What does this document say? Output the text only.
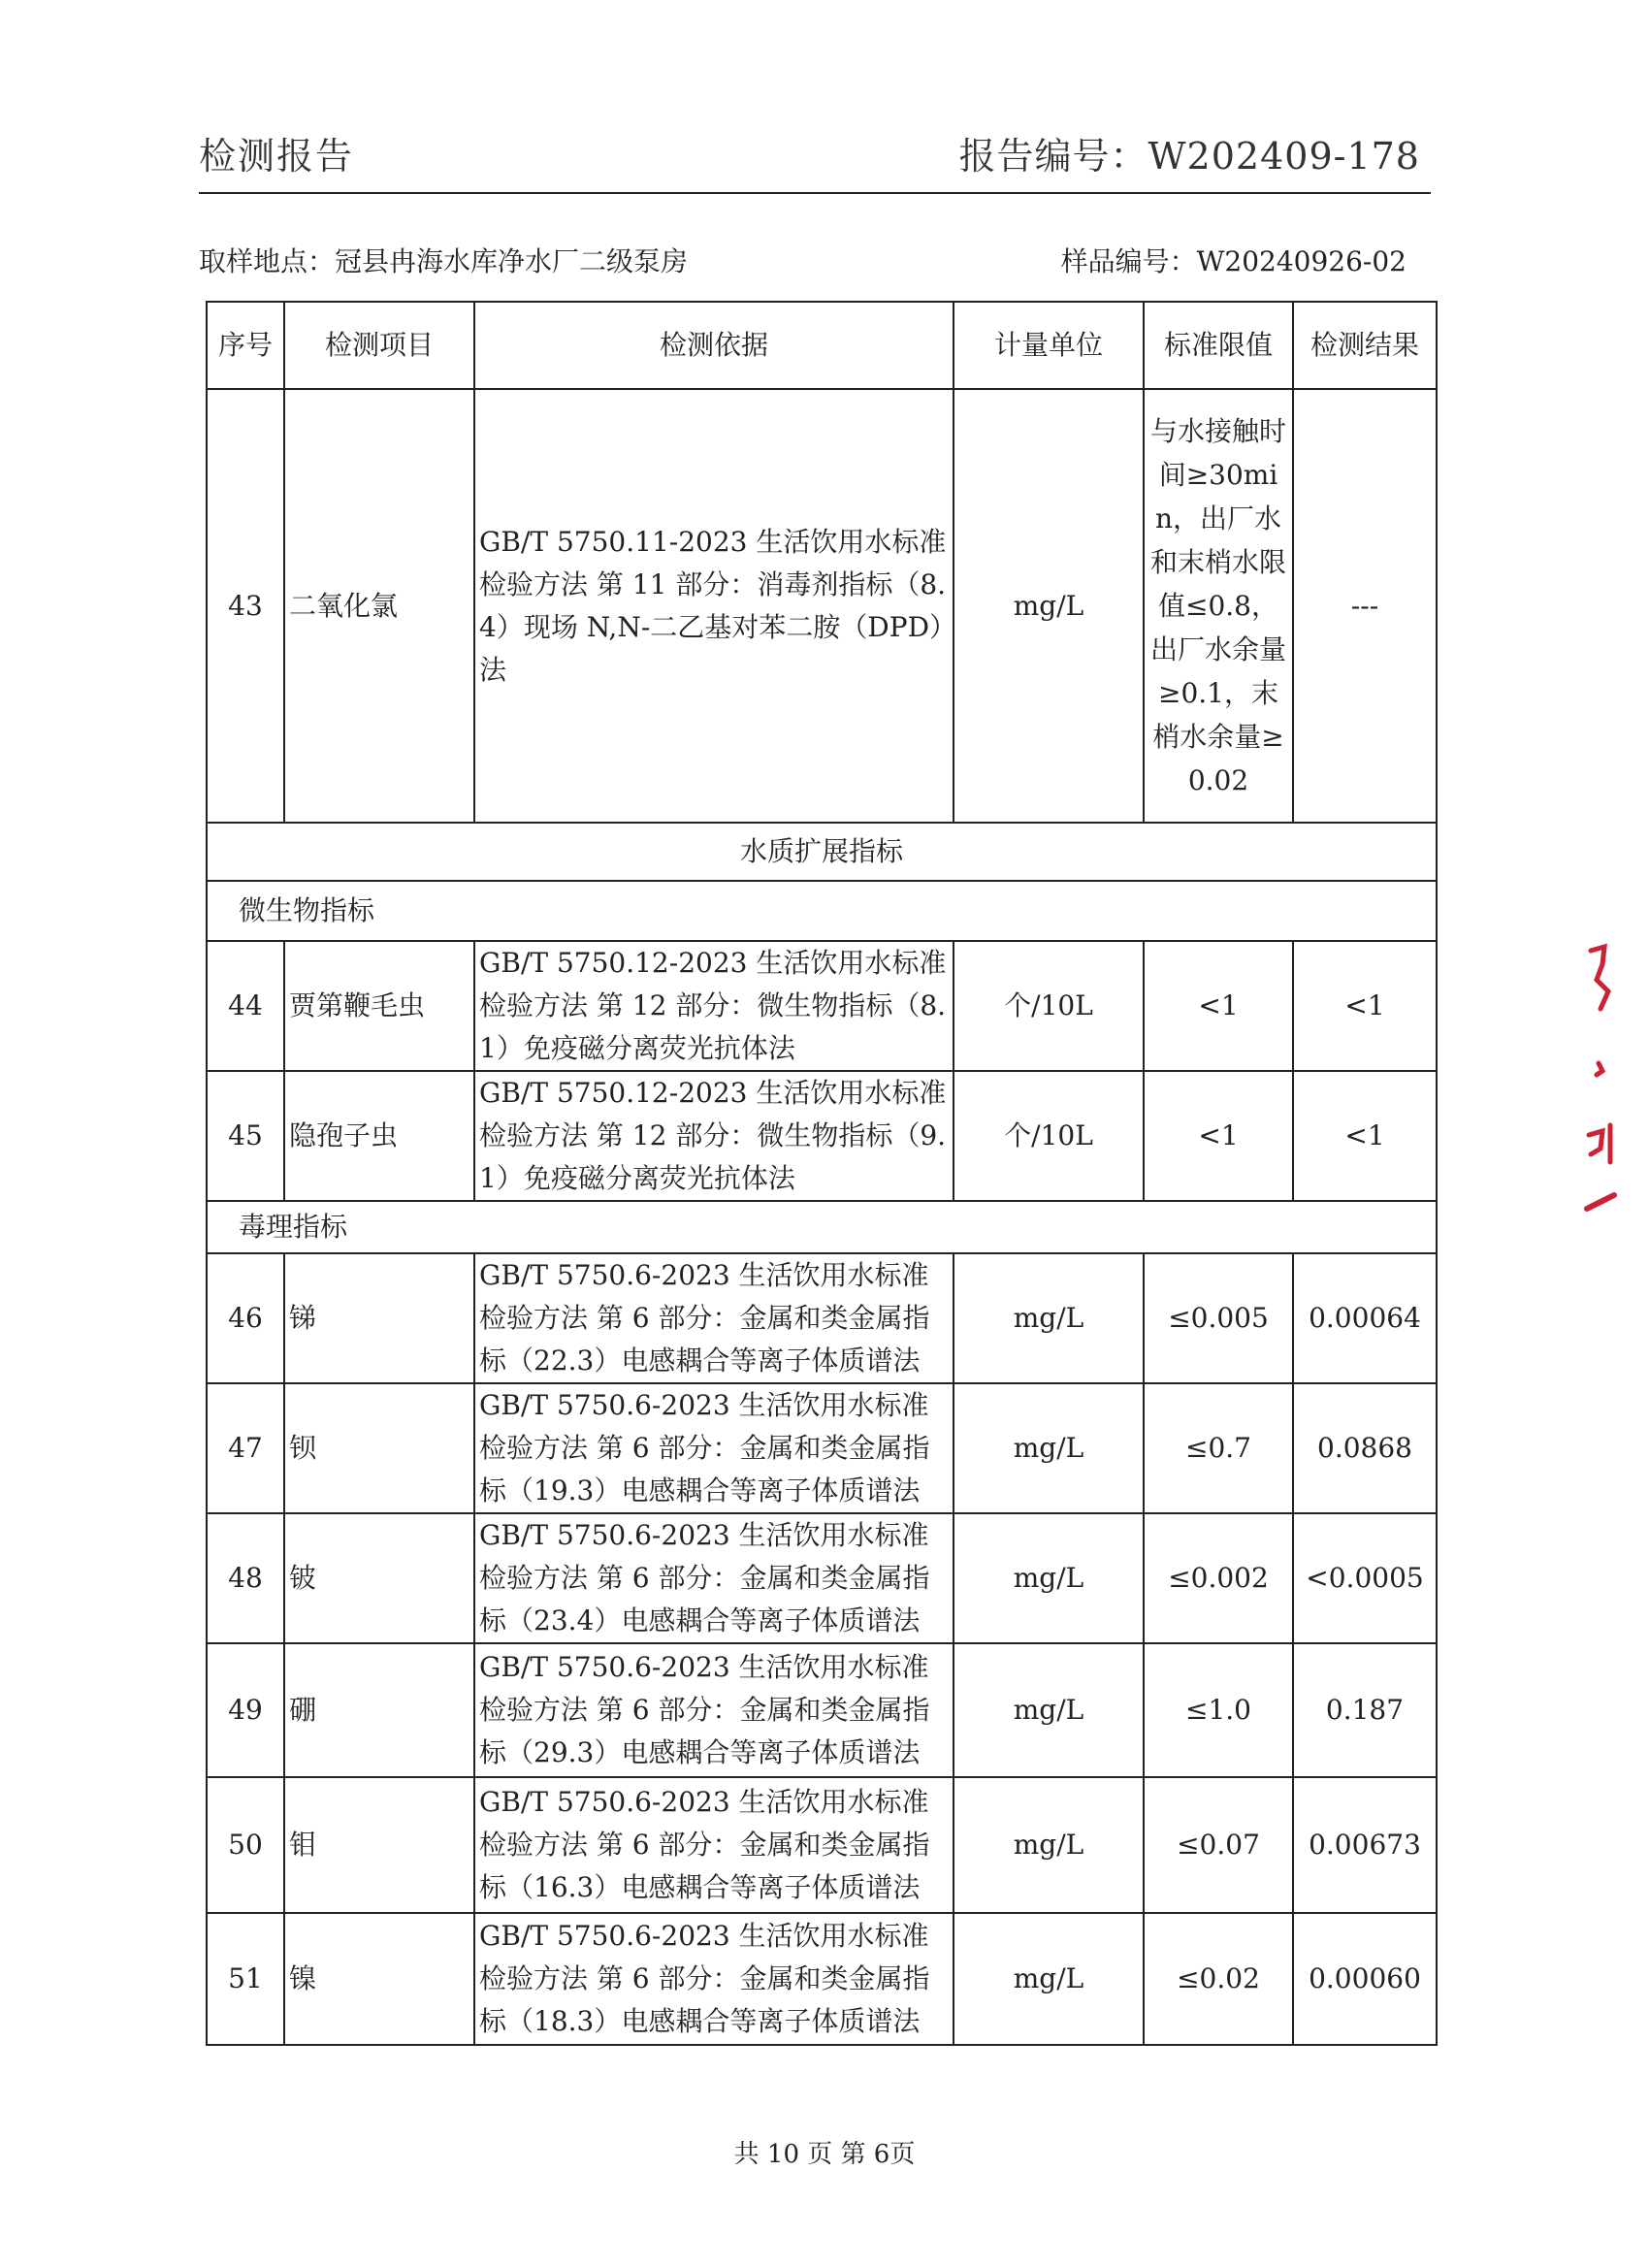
检测报告	报告编号：W202409-178
取样地点：冠县冉海水库净水厂二级泵房	样品编号：W20240926-02
序号	检测项目	检测依据	计量单位	标准限值	检测结果
43	二氧化氯	GB/T 5750.11-2023 生活饮用水标准检验方法 第 11 部分：消毒剂指标（8.4）现场 N,N-二乙基对苯二胺（DPD）法	mg/L	与水接触时间≥30min，出厂水和末梢水限值≤0.8，出厂水余量≥0.1，末梢水余量≥0.02	---
水质扩展指标					
微生物指标					
44	贾第鞭毛虫	GB/T 5750.12-2023 生活饮用水标准检验方法 第 12 部分：微生物指标（8.1）免疫磁分离荧光抗体法	个/10L	<1	<1
45	隐孢子虫	GB/T 5750.12-2023 生活饮用水标准检验方法 第 12 部分：微生物指标（9.1）免疫磁分离荧光抗体法	个/10L	<1	<1
毒理指标					
46	锑	GB/T 5750.6-2023 生活饮用水标准检验方法 第 6 部分：金属和类金属指标（22.3）电感耦合等离子体质谱法	mg/L	≤0.005	0.00064
47	钡	GB/T 5750.6-2023 生活饮用水标准检验方法 第 6 部分：金属和类金属指标（19.3）电感耦合等离子体质谱法	mg/L	≤0.7	0.0868
48	铍	GB/T 5750.6-2023 生活饮用水标准检验方法 第 6 部分：金属和类金属指标（23.4）电感耦合等离子体质谱法	mg/L	≤0.002	<0.0005
49	硼	GB/T 5750.6-2023 生活饮用水标准检验方法 第 6 部分：金属和类金属指标（29.3）电感耦合等离子体质谱法	mg/L	≤1.0	0.187
50	钼	GB/T 5750.6-2023 生活饮用水标准检验方法 第 6 部分：金属和类金属指标（16.3）电感耦合等离子体质谱法	mg/L	≤0.07	0.00673
51	镍	GB/T 5750.6-2023 生活饮用水标准检验方法 第 6 部分：金属和类金属指标（18.3）电感耦合等离子体质谱法	mg/L	≤0.02	0.00060
共 10 页 第 6页
